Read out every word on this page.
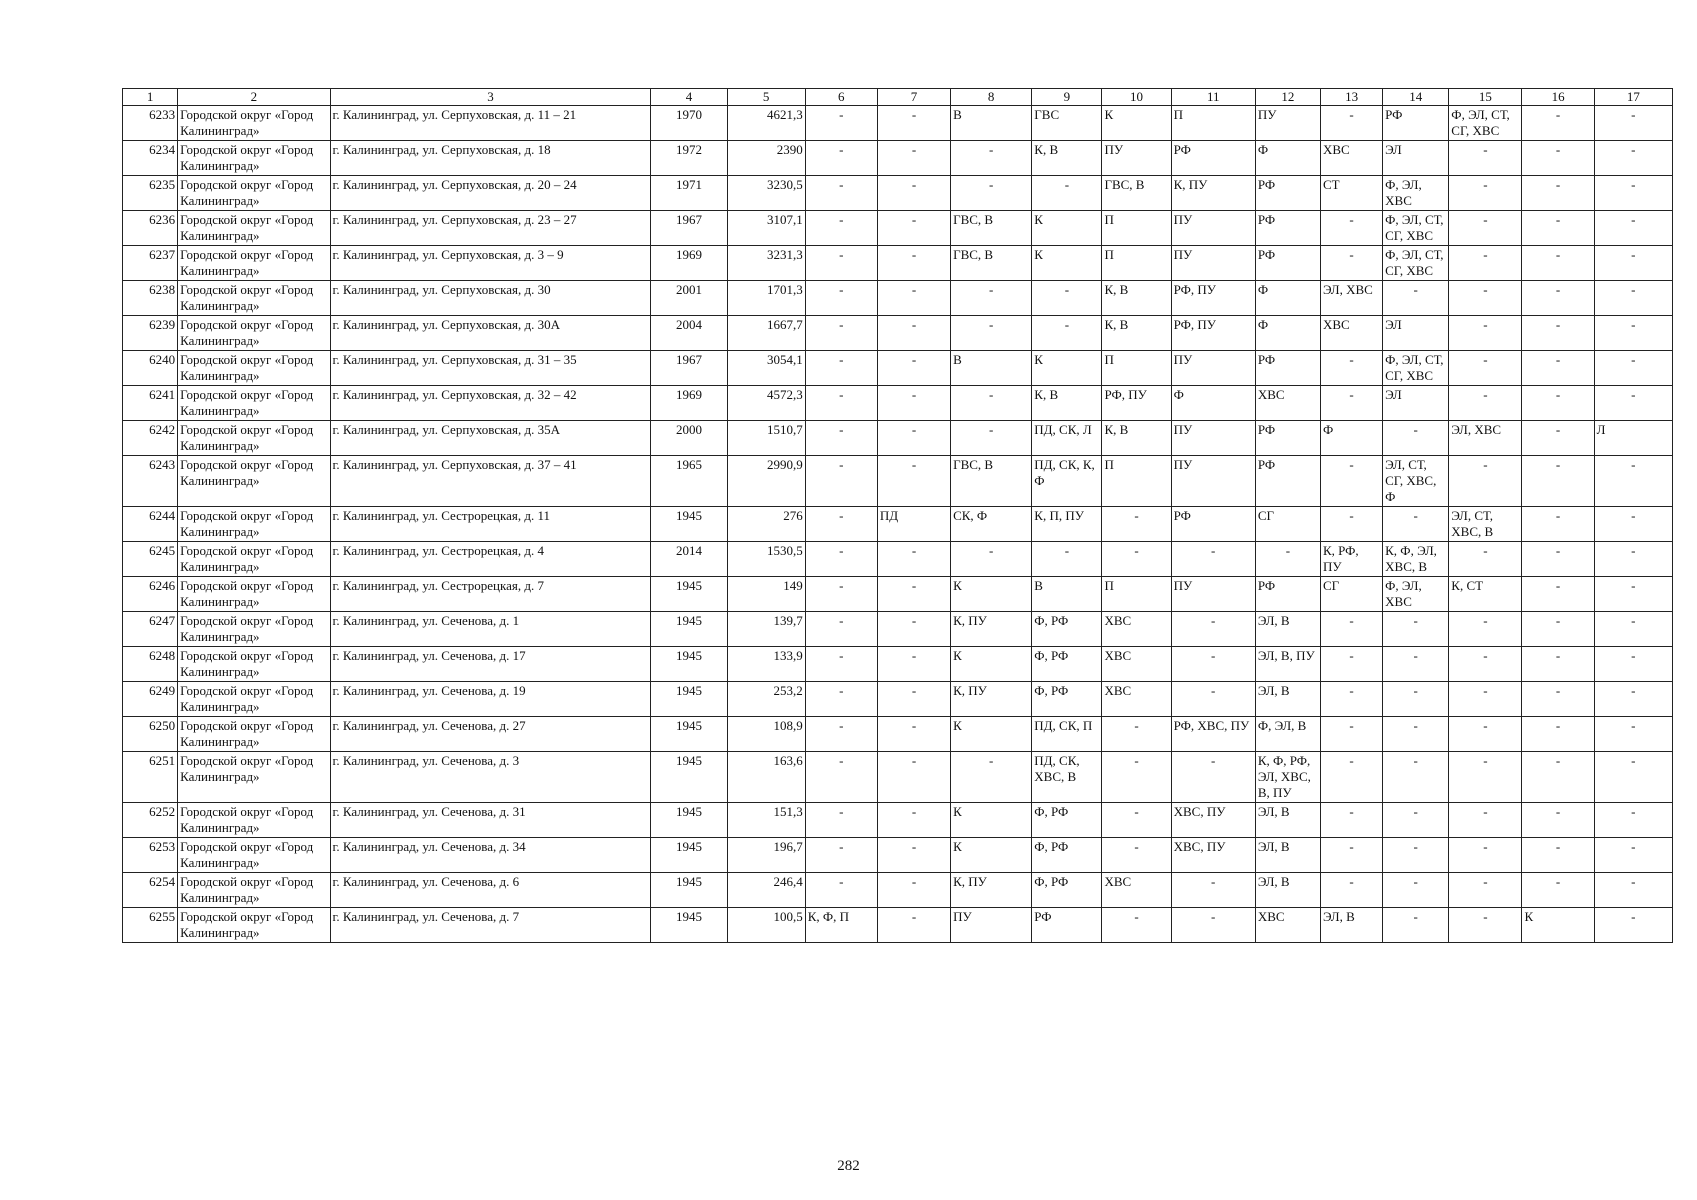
1	2	3	4	5	6	7	8	9	10	11	12	13	14	15	16	17
6233	Городской округ «Город Калининград»	г. Калининград, ул. Серпуховская, д. 11 – 21	1970	4621,3	-	-	В	ГВС	К	П	ПУ	-	РФ	Ф, ЭЛ, СТ, СГ, ХВС	-	-
6234	Городской округ «Город Калининград»	г. Калининград, ул. Серпуховская, д. 18	1972	2390	-	-	-	К, В	ПУ	РФ	Ф	ХВС	ЭЛ	-	-	-
6235	Городской округ «Город Калининград»	г. Калининград, ул. Серпуховская, д. 20 – 24	1971	3230,5	-	-	-	-	ГВС, В	К, ПУ	РФ	СТ	Ф, ЭЛ, ХВС	-	-	-
6236	Городской округ «Город Калининград»	г. Калининград, ул. Серпуховская, д. 23 – 27	1967	3107,1	-	-	ГВС, В	К	П	ПУ	РФ	-	Ф, ЭЛ, СТ, СГ, ХВС	-	-	-
6237	Городской округ «Город Калининград»	г. Калининград, ул. Серпуховская, д. 3 – 9	1969	3231,3	-	-	ГВС, В	К	П	ПУ	РФ	-	Ф, ЭЛ, СТ, СГ, ХВС	-	-	-
6238	Городской округ «Город Калининград»	г. Калининград, ул. Серпуховская, д. 30	2001	1701,3	-	-	-	-	К, В	РФ, ПУ	Ф	ЭЛ, ХВС	-	-	-	-
6239	Городской округ «Город Калининград»	г. Калининград, ул. Серпуховская, д. 30А	2004	1667,7	-	-	-	-	К, В	РФ, ПУ	Ф	ХВС	ЭЛ	-	-	-
6240	Городской округ «Город Калининград»	г. Калининград, ул. Серпуховская, д. 31 – 35	1967	3054,1	-	-	В	К	П	ПУ	РФ	-	Ф, ЭЛ, СТ, СГ, ХВС	-	-	-
6241	Городской округ «Город Калининград»	г. Калининград, ул. Серпуховская, д. 32 – 42	1969	4572,3	-	-	-	К, В	РФ, ПУ	Ф	ХВС	-	ЭЛ	-	-	-
6242	Городской округ «Город Калининград»	г. Калининград, ул. Серпуховская, д. 35А	2000	1510,7	-	-	-	ПД, СК, Л	К, В	ПУ	РФ	Ф	-	ЭЛ, ХВС	-	Л
6243	Городской округ «Город Калининград»	г. Калининград, ул. Серпуховская, д. 37 – 41	1965	2990,9	-	-	ГВС, В	ПД, СК, К, Ф	П	ПУ	РФ	-	ЭЛ, СТ, СГ, ХВС, Ф	-	-	-
6244	Городской округ «Город Калининград»	г. Калининград, ул. Сестрорецкая, д. 11	1945	276	-	ПД	СК, Ф	К, П, ПУ	-	РФ	СГ	-	-	ЭЛ, СТ, ХВС, В	-	-
6245	Городской округ «Город Калининград»	г. Калининград, ул. Сестрорецкая, д. 4	2014	1530,5	-	-	-	-	-	-	-	К, РФ, ПУ	К, Ф, ЭЛ, ХВС, В	-	-	-
6246	Городской округ «Город Калининград»	г. Калининград, ул. Сестрорецкая, д. 7	1945	149	-	-	К	В	П	ПУ	РФ	СГ	Ф, ЭЛ, ХВС	К, СТ	-	-
6247	Городской округ «Город Калининград»	г. Калининград, ул. Сеченова, д. 1	1945	139,7	-	-	К, ПУ	Ф, РФ	ХВС	-	ЭЛ, В	-	-	-	-	-
6248	Городской округ «Город Калининград»	г. Калининград, ул. Сеченова, д. 17	1945	133,9	-	-	К	Ф, РФ	ХВС	-	ЭЛ, В, ПУ	-	-	-	-	-
6249	Городской округ «Город Калининград»	г. Калининград, ул. Сеченова, д. 19	1945	253,2	-	-	К, ПУ	Ф, РФ	ХВС	-	ЭЛ, В	-	-	-	-	-
6250	Городской округ «Город Калининград»	г. Калининград, ул. Сеченова, д. 27	1945	108,9	-	-	К	ПД, СК, П	-	РФ, ХВС, ПУ	Ф, ЭЛ, В	-	-	-	-	-
6251	Городской округ «Город Калининград»	г. Калининград, ул. Сеченова, д. 3	1945	163,6	-	-	-	ПД, СК, ХВС, В	-	-	К, Ф, РФ, ЭЛ, ХВС, В, ПУ	-	-	-	-	-
6252	Городской округ «Город Калининград»	г. Калининград, ул. Сеченова, д. 31	1945	151,3	-	-	К	Ф, РФ	-	ХВС, ПУ	ЭЛ, В	-	-	-	-	-
6253	Городской округ «Город Калининград»	г. Калининград, ул. Сеченова, д. 34	1945	196,7	-	-	К	Ф, РФ	-	ХВС, ПУ	ЭЛ, В	-	-	-	-	-
6254	Городской округ «Город Калининград»	г. Калининград, ул. Сеченова, д. 6	1945	246,4	-	-	К, ПУ	Ф, РФ	ХВС	-	ЭЛ, В	-	-	-	-	-
6255	Городской округ «Город Калининград»	г. Калининград, ул. Сеченова, д. 7	1945	100,5	К, Ф, П	-	ПУ	РФ	-	-	ХВС	ЭЛ, В	-	-	К	-
282
